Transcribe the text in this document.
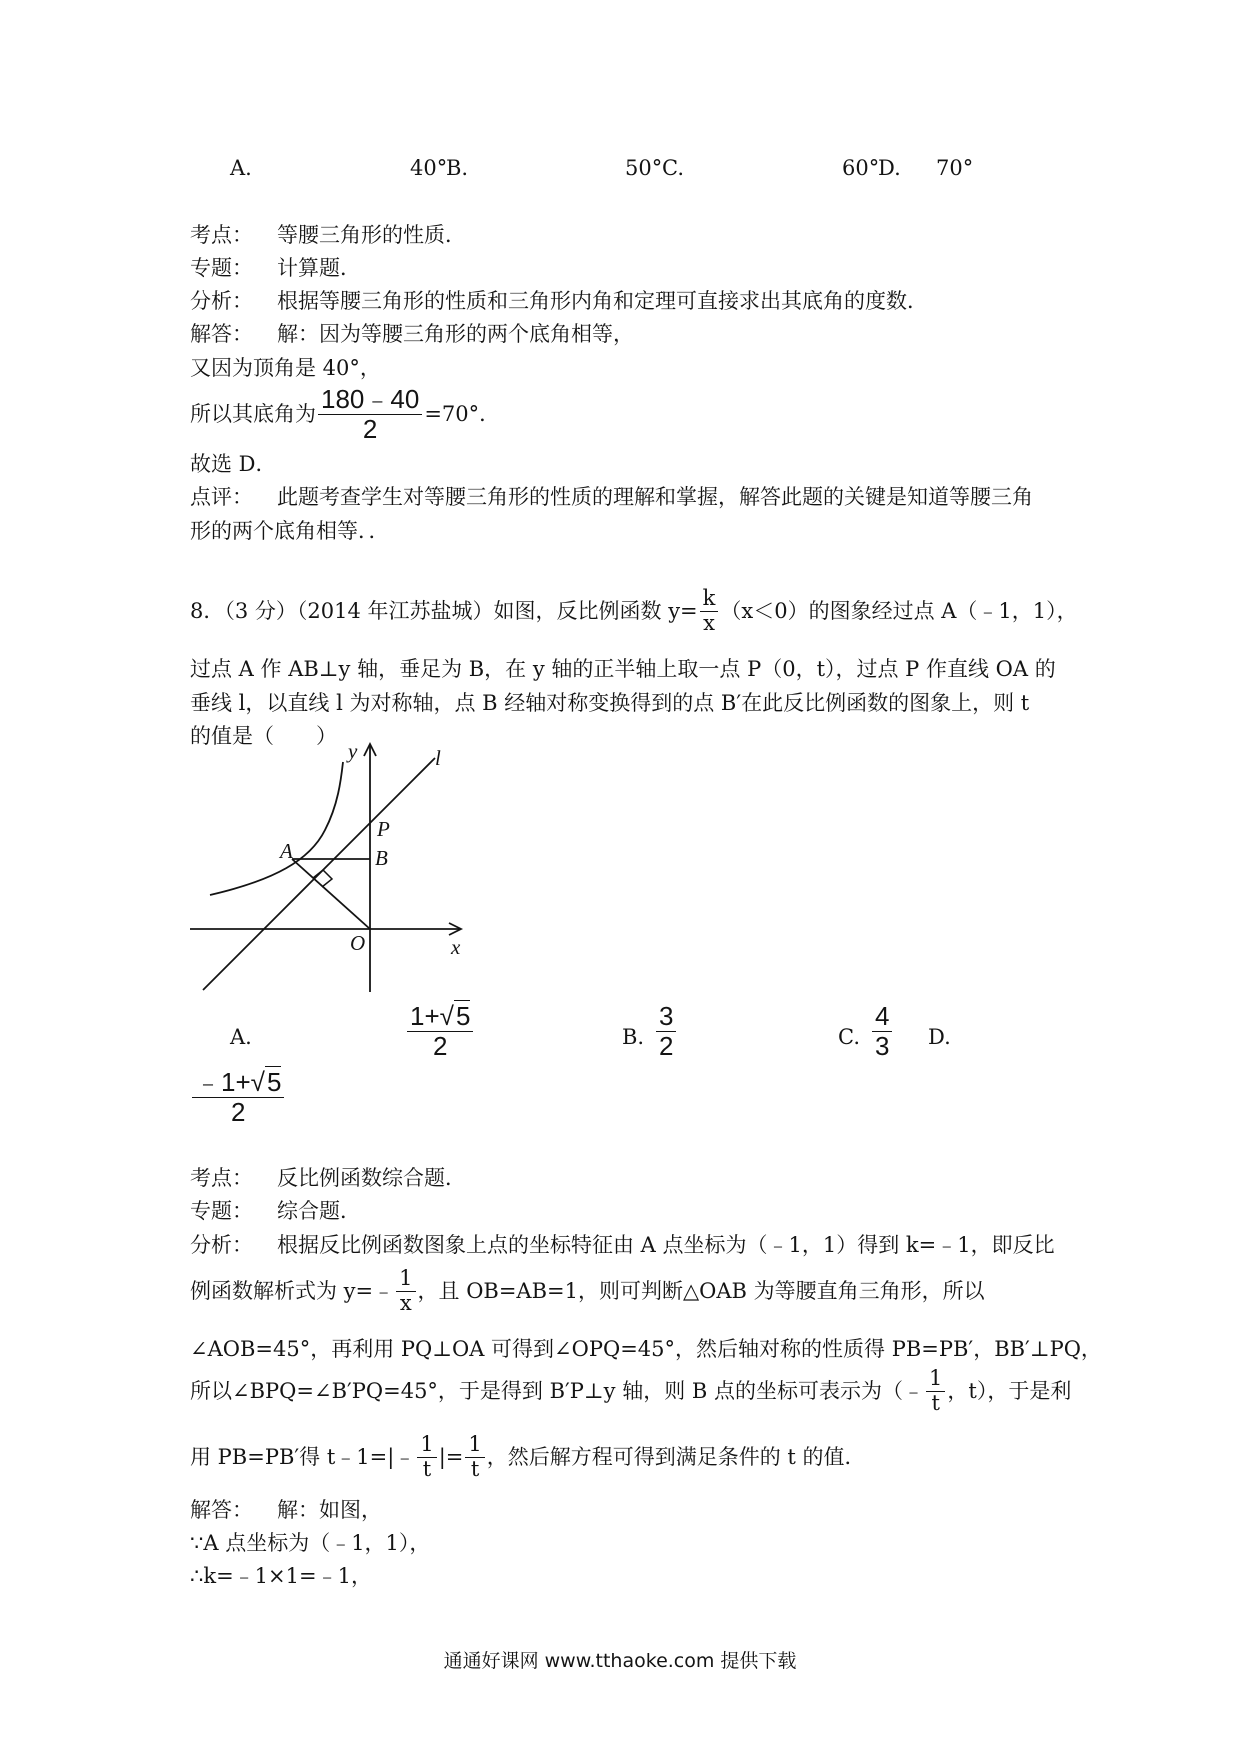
A.	40°
B.	50° C.	60°
D. 70°
考点： 等腰三角形的性质．
专题： 计算题．
分析： 根据等腰三角形的性质和三角形内角和定理可直接求出其底角的度数．
解答： 解：因为等腰三角形的两个底角相等，
又因为顶角是 40°，
所以其底角为 $\frac{180﹣40}{2} =70^\circ$．
故选 D．
点评： 此题考查学生对等腰三角形的性质的理解和掌握，解答此题的关键是知道等腰三角
形的两个底角相等．．
8．（3 分）（2014 年江苏盐城）如图，反比例函数 $y= \frac{k}{x} (x<0)$的图象经过点 A（﹣1，1），
过点 A 作 AB⊥y 轴，垂足为 B，在 y 轴的正半轴上取一点 P（0，t），过点 P 作直线 OA 的
垂线 l，以直线 l 为对称轴，点 B 经轴对称变换得到的点 B′在此反比例函数的图象上，则 t
的值是（　　）
y	l
P
A	B
O	x
A.	$\frac{1+√5}{2}$	B. $\frac{3}{2}$	C. $\frac{4}{3} D$.
$\frac{﹣1+√5}{2}$
考点： 反比例函数综合题．
专题： 综合题．
分析： 根据反比例函数图象上点的坐标特征由 A 点坐标为（﹣1，1）得到 k=﹣1，即反比
例函数解析式为 y=﹣ $\frac{1}{x}$ ，且 OB=AB=1，则可判断△OAB 为等腰直角三角形，所以
∠AOB=45°，再利用 PQ⊥OA 可得到∠OPQ=45°，然后轴对称的性质得 PB=PB′，BB′⊥PQ，
所以∠BPQ=∠B′PQ=45°，于是得到 B′P⊥y 轴，则 B 点的坐标可表示为（﹣ $\frac{1}{t}$ ，t），于是利
用 PB=PB′得 t﹣1=|﹣ $\frac{1}{t}$ |= $\frac{1}{t}$ ，然后解方程可得到满足条件的 t 的值．
解答： 解：如图，
∵A 点坐标为（﹣1，1），
∴k=﹣1×1=﹣1，
通通好课网 www.tthaoke.com 提供下载
